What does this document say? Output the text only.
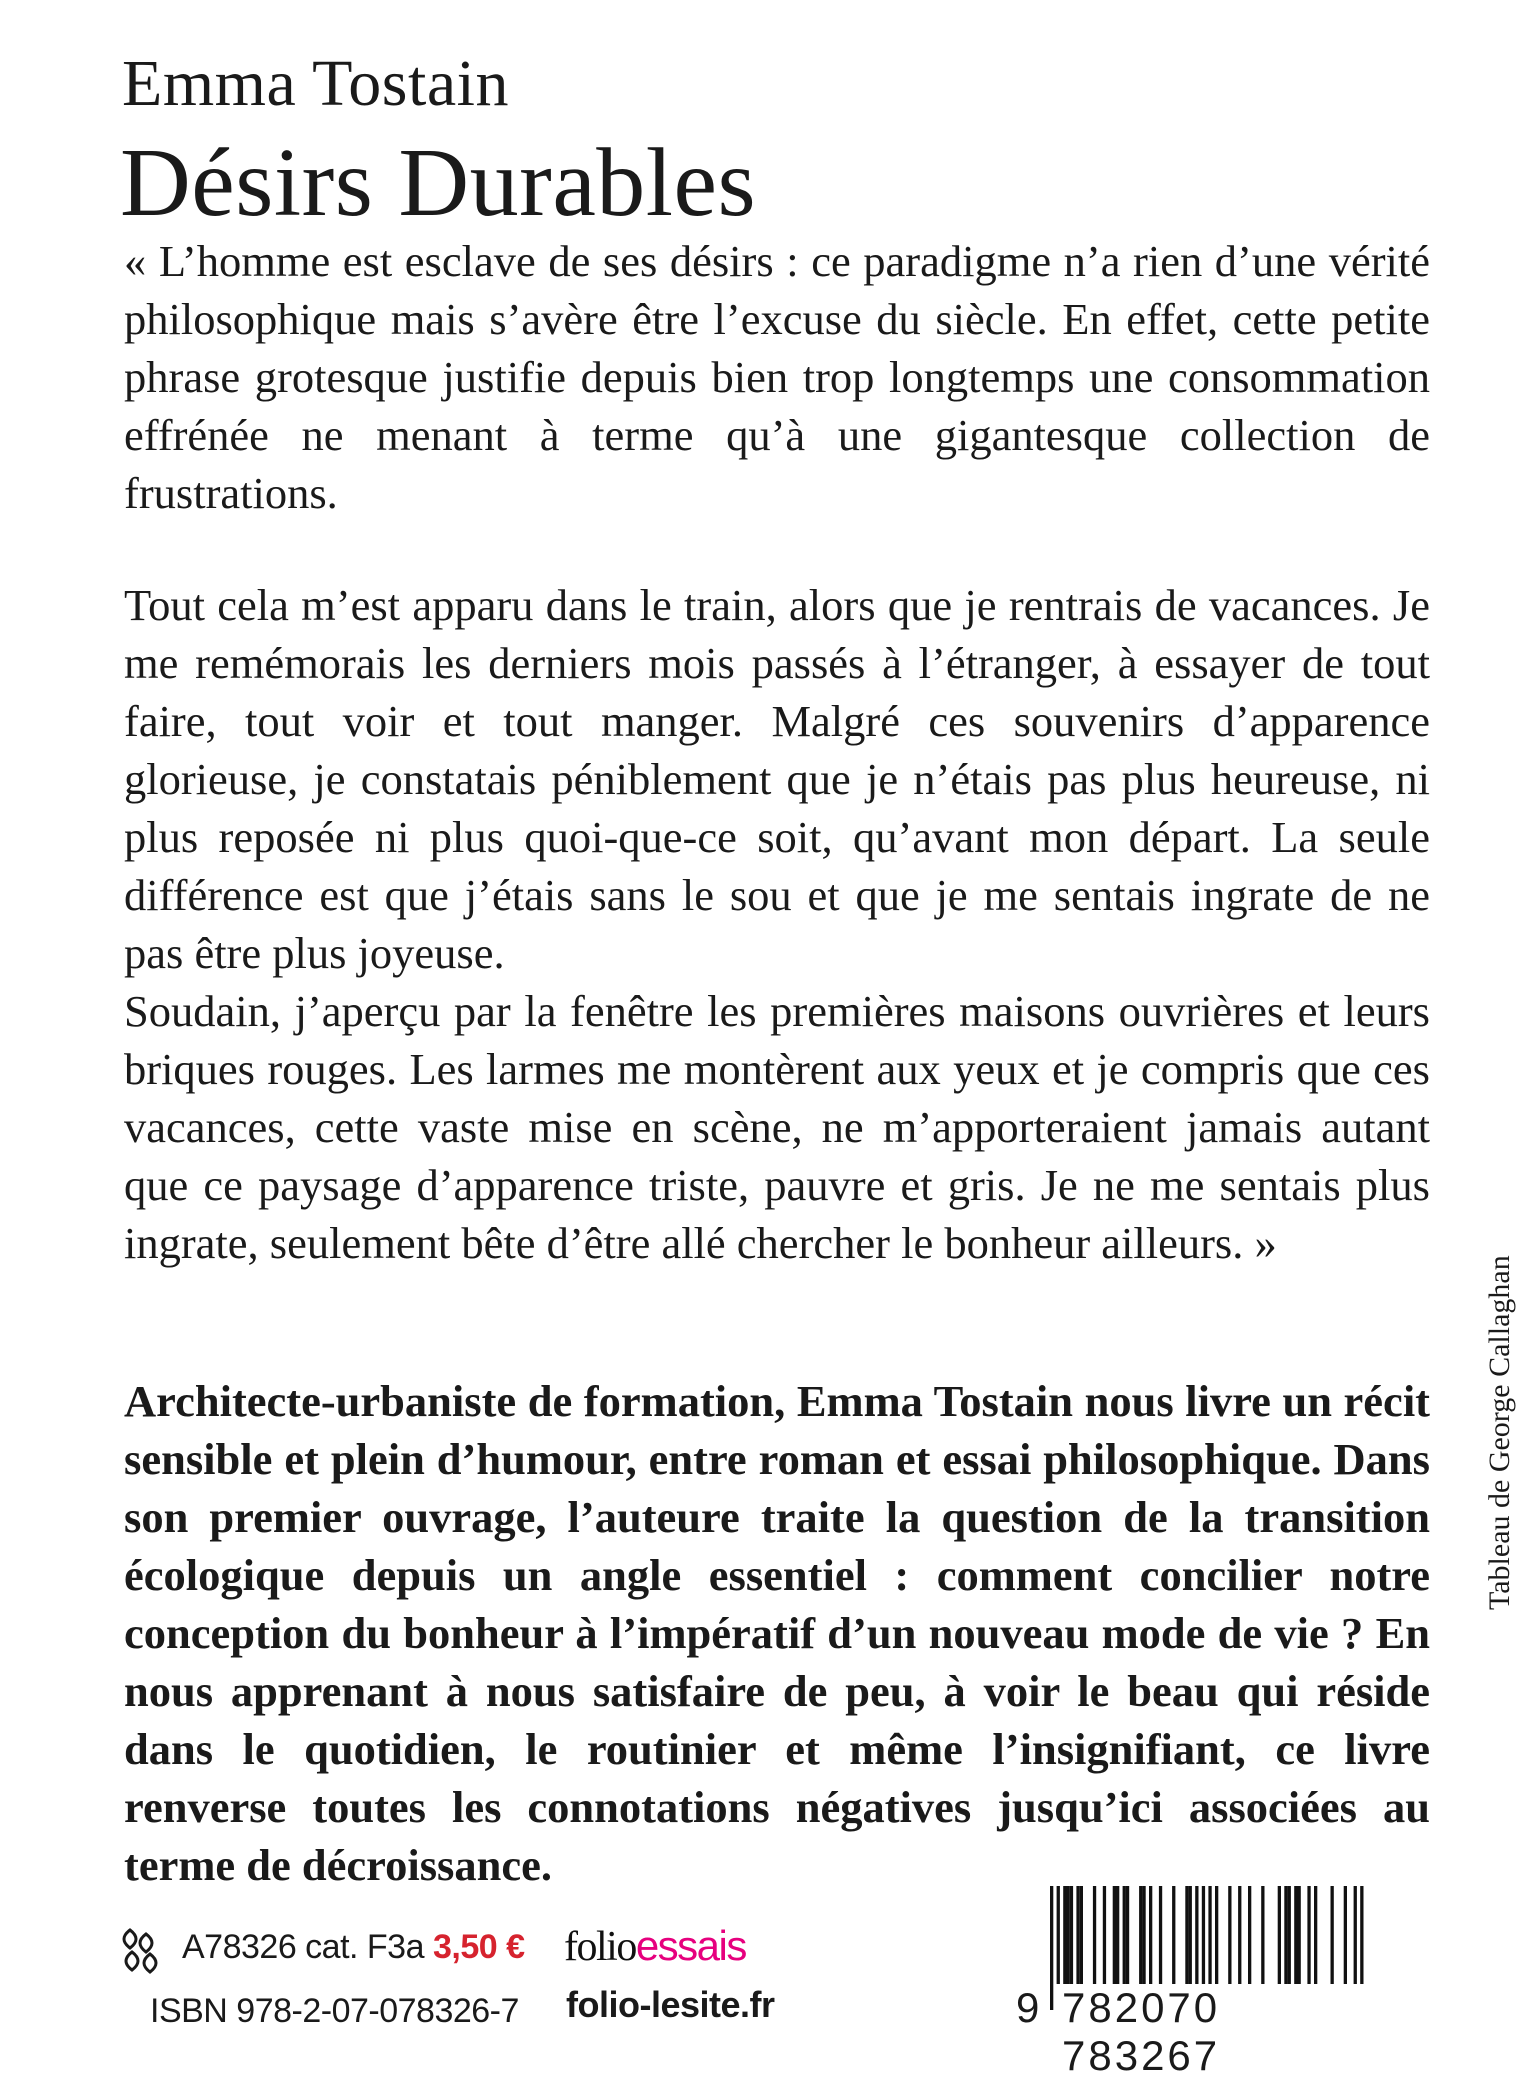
Emma Tostain
Désirs Durables

« L’homme est esclave de ses désirs : ce paradigme n’a rien d’une vérité philosophique mais s’avère être l’excuse du siècle. En effet, cette petite phrase grotesque justifie depuis bien trop longtemps une consommation effrénée ne menant à terme qu’à une gigantesque collection de frustrations.

Tout cela m’est apparu dans le train, alors que je rentrais de vacances. Je me remémorais les derniers mois passés à l’étranger, à essayer de tout faire, tout voir et tout manger. Malgré ces souvenirs d’apparence glorieuse, je constatais péniblement que je n’étais pas plus heureuse, ni plus reposée ni plus quoi-que-ce soit, qu’avant mon départ. La seule différence est que j’étais sans le sou et que je me sentais ingrate de ne pas être plus joyeuse.

Soudain, j’aperçu par la fenêtre les premières maisons ouvrières et leurs briques rouges. Les larmes me montèrent aux yeux et je compris que ces vacances, cette vaste mise en scène, ne m’apporteraient jamais autant que ce paysage d’apparence triste, pauvre et gris. Je ne me sentais plus ingrate, seulement bête d’être allé chercher le bonheur ailleurs. »

Architecte-urbaniste de formation, Emma Tostain nous livre un récit sensible et plein d’humour, entre roman et essai philosophique. Dans son premier ouvrage, l’auteure traite la question de la transition écologique depuis un angle essentiel : comment concilier notre conception du bonheur à l’impératif d’un nouveau mode de vie ? En nous apprenant à nous satisfaire de peu, à voir le beau qui réside dans le quotidien, le routinier et même l’insignifiant, ce livre renverse toutes les connotations négatives jusqu’ici associées au terme de décroissance.

Tableau de George Callaghan
A78326 cat. F3a 3,50 €
ISBN 978-2-07-078326-7
folioessais
folio-lesite.fr	9 782070 783267
